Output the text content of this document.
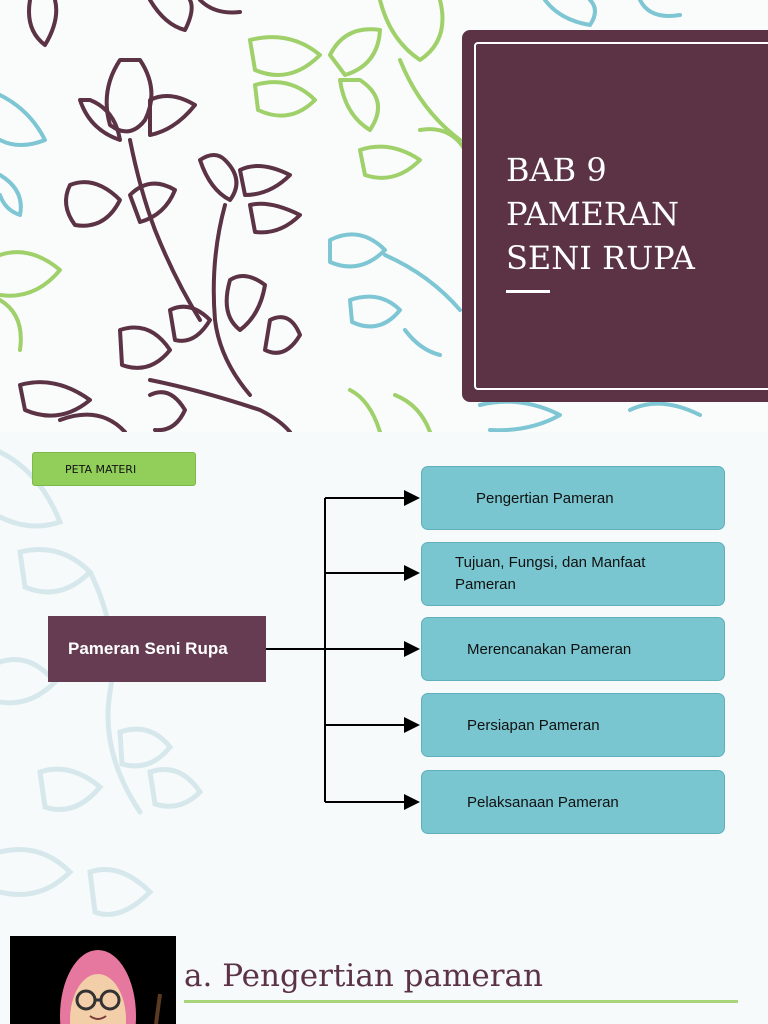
BAB 9
PAMERAN
SENI RUPA
PETA MATERI
Pameran Seni Rupa
Pengertian Pameran
Tujuan, Fungsi, dan Manfaat Pameran
Merencanakan Pameran
Persiapan Pameran
Pelaksanaan Pameran
a. Pengertian pameran
